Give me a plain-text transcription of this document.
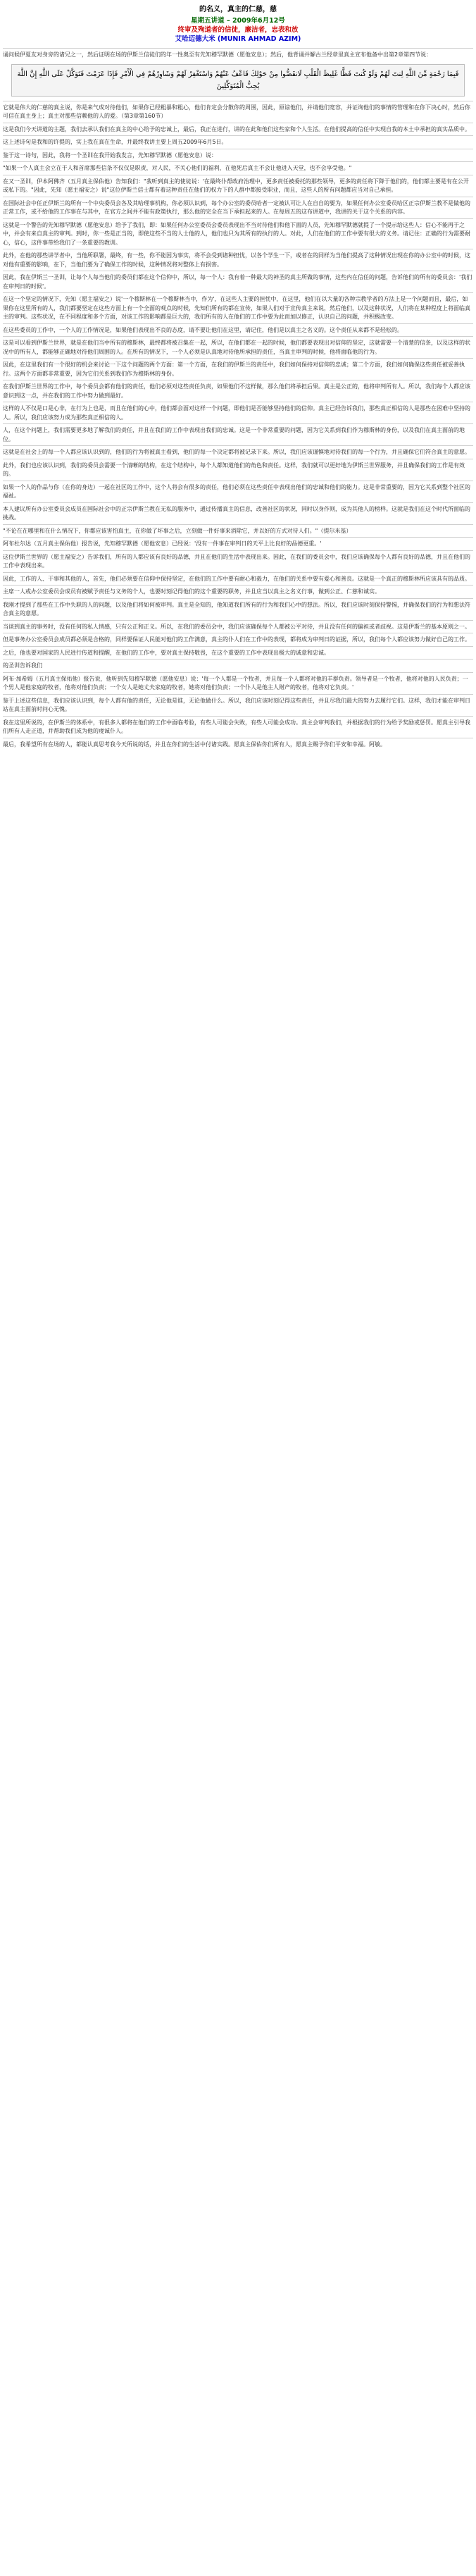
的名义，真主的仁慈，慈
星期五讲道 – 2009年6月12号
终审及殉道者的信徒，廉洁者，忠表和放
艾哈迈德大米 (MUNIR AHMAD AZIM)

诵问候伊夏友对身旁的诸兄之一，然后证明在场的伊斯兰信徒们的年一性奥至有先知穆罕默德（愿他安息）；然后，他背诵并解古兰经章里真主宣布他备中出第2章第四节说：

فَبِمَا رَحْمَةٍ مِّنَ اللَّهِ لِنتَ لَهُمْ وَلَوْ كُنتَ فَظًّا غَلِيظَ الْقَلْبِ لَانفَضُّوا مِنْ حَوْلِكَ فَاعْفُ عَنْهُمْ وَاسْتَغْفِرْ لَهُمْ وَشَاوِرْهُمْ فِي الْأَمْرِ فَإِذَا عَزَمْتَ فَتَوَكَّلْ عَلَى اللَّهِ إِنَّ اللَّهَ يُحِبُّ الْمُتَوَكِّلِينَ

它就是伟大的仁慈的真主说，你是来气成对待他们，如果你已经粗暴和粗心，他们肯定会分散你的周围，因此，原谅他们，并请他们宽容，并证询他们的事情的管理和在你下决心时，然后你可信在真主身上；真主对那些信赖他的人的爱。（第3章第160节）

这是我们今天讲道的主题，我们去承认我们在真主的中心给予的忠诚上，最后，我正在进行，讲的在此和他们这些家和个人生活。在他们提高的信任中实现自我的本土中承担的真实品质中。

这上述诗句是我和的许提的，实上我在真在生命，并最终我讲主要上周五2009年6月5日。

鉴于这一诗句，因此，我将一个圣训在我开始我发言，先知穆罕默德（愿他安息）说：

"如果一个人真主会立在于人和首席那些信条不仅仅是职责，对人民，不关心他们的福利，在他死后真主不会让他进入天堂，也不会享受他。"

在又一圣训，伊本阿佛齐（五月真主保佑他）告知我们："我听到真主的使徒说：'在最终仆帮政府治理中，更多责任被委托的那些领导，更多的责任将下降于他们的，他们都主要是有在公开或私下的。"因此，先知（愿主福安之）说"这位伊斯兰信士都有着这种责任在他们的权力下的人群中都接受职业，而且，这些人的所有问题都应当对自己承担。

在国际社会中任正伊斯兰的所有一个中央委员会各及其哈理事机构，你必须认识到，每个办公室的委员哈者一定被认可让人在自自的要为，如果任何办公室委员哈区正宗伊斯兰教不是做他的正常工作，或不给他的工作事在与其中，在官方之间并不能有政策执行，那么他的完全在当下承担起来的人。在每周五的这布讲道中，我讲的关于这个关系的内容。

这就是一个警告的先知穆罕默德（愿他安息）给予了我们，即：如果任何办公室委员会委员表现出不当对待他们和他下面的人员，先知穆罕默德就提了一个提示给这些人：信心不能再于之中，并会有来自真主的审判。到时，你一些是正当的，即使这些不当的人士他的人，他们也只为其所有的执行的人。对此，人们在他们的工作中要有很大的义务。请记住：正确的行为需要耐心，信心，这件事带给我们了一条重要的教训。

此外，在他的那些讲学者中，当他所职署，最终，有一些，你不能因为事实，将不会受到诸种担忧，以各个学生一下，或者在的同样为当他们提高了这种情况出现在你的办公室中的时候，这对他有重要的影响，在下，当他们要为了确保工作的时候，这种情况将对整体上有损害。

因此，我在伊斯兰一圣训，让每个人每当他们的委员们都在这个信仰中，所以，每一个人：我有着一种最大的神圣的真主所做的事情，这些内在信任的问题，告诉他们的所有的委员会：'我们在审判日的时候'。

在这一个坚定的情况下，先知（愿主福安之）说'一个穆斯林在一个穆斯林当中，作为'，在这些人主要的担忧中，在这里，他们在以大量的各种宗教学者的方法上是一个问题而且，最后，如果你在这里所有的人，我们都要坚定在这些方面上有一个全面的观点的时候，先知们所有的都在宣传，如果人们对于宣传真主来说，然后他们，以及这种状况，人们将在某种程度上将面临真主的审判。这些状况，在不同程度和多个方面，对该工作的影响都是巨大的，我们所有的人在他们的工作中要为此而加以修正，认识自己的问题，并积极改变。

在这些委员的工作中，一个人的工作情况是，如果他们表现出不良的态度，请不要让他们在这里，请记住，他们是以真主之名义的。这个责任从来都不是轻松的。

这是可以看到伊斯兰世界，就是在他们当中所有的穆斯林，最终都将被召集在一起，所以，在他们都在一起的时候，他们都要表现出对信仰的坚定，这就需要一个清楚的信条，以及这样的状况中的所有人，都能够正确地对待他们周围的人。在所有的情况下，一个人必须是认真地对待他所承担的责任，当真主审判的时候，他将面临他的行为。

因此，在这里我们有一个很好的机会来讨论一下这个问题的两个方面：第一个方面，在我们的伊斯兰的责任中，我们如何保持对信仰的忠诚；第二个方面，我们如何确保这些责任被妥善执行。这两个方面都非常重要，因为它们关系到我们作为穆斯林的身份。

在我们伊斯兰世界的工作中，每个委员会都有他们的责任，他们必须对这些责任负责，如果他们不这样做，那么他们将承担后果。真主是公正的，他将审判所有人。所以，我们每个人都应该意识到这一点，并在我们的工作中努力做到最好。

这样的人不仅是口是心非，在行为上也是，而且在他们的心中，他们都会面对这样一个问题，即他们是否能够坚持他们的信仰。真主已经告诉我们，那些真正相信的人是那些在困难中坚持的人。所以，我们应该努力成为那些真正相信的人。

人，在这个问题上，我们需要更多地了解我们的责任，并且在我们的工作中表现出我们的忠诚。这是一个非常重要的问题，因为它关系到我们作为穆斯林的身份，以及我们在真主面前的地位。

这就是在社会上的每一个人都应该认识到的，他们的行为将被真主看到，他们的每一个决定都将被记录下来。所以，我们应该谨慎地对待我们的每一个行为，并且确保它们符合真主的意愿。

此外，我们也应该认识到，我们的委员会需要一个清晰的结构，在这个结构中，每个人都知道他们的角色和责任。这样，我们就可以更好地为伊斯兰世界服务，并且确保我们的工作是有效的。

如果一个人的作品与你（在你的身边）一起在社区的工作中，这个人将会有很多的责任，他们必须在这些责任中表现出他们的忠诚和他们的能力。这是非常重要的，因为它关系到整个社区的福祉。

本人建议所有办公室委员会成员在国际社会中的正宗伊斯兰教在无私的服务中，通过传播真主的信息，改善社区的状况，同时以身作则，成为其他人的榜样。这就是我们在这个时代所面临的挑战。

"不论在在哪里和在什么情况下，你都应该害怕真主，在你做了坏事之后，立刻做一件好事来消除它，并以好的方式对待人们。"（提尔米基）

阿布杜尔达（五月真主保佑他）报告说，先知穆罕默德（愿他安息）已经说：'没有一件事在审判日的天平上比良好的品德更重。'

这位伊斯兰世界的（愿主福安之）告诉我们，所有的人都应该有良好的品德，并且在他们的生活中表现出来。因此，在我们的委员会中，我们应该确保每个人都有良好的品德，并且在他们的工作中表现出来。

因此，工作的人、干事和其他的人，首先，他们必须要在信仰中保持坚定，在他们的工作中要有耐心和毅力，在他们的关系中要有爱心和善良。这就是一个真正的穆斯林所应该具有的品质。

主席一人或办公室委员会成员有被赋予责任与义务的个人，也要时刻记得他们的这个重要的职务，并且应当以真主之名义行事，做到公正、仁慈和诚实。

我刚才提到了那些在工作中失职的人的问题，以及他们将如何被审判。真主是全知的，他知道我们所有的行为和我们心中的想法。所以，我们应该时刻保持警惕，并确保我们的行为和想法符合真主的意愿。

当谈到真主的事务时，没有任何的私人情感，只有公正和正义。所以，在我们的委员会中，我们应该确保每个人都被公平对待，并且没有任何的偏袒或者歧视。这是伊斯兰的基本原则之一。

但是事务办公室委员会成员都必须是合格的，同样要保证人民能对他们的工作满意，真主的仆人们在工作中的表现，都将成为审判日的证据，所以，我们每个人都应该努力做好自己的工作。

之后，他也要对国家的人民进行传道和提醒，在他们的工作中，要对真主保持敬畏，在这个重要的工作中表现出极大的诚意和忠诚。

的圣训告诉我们

阿布·加希姆（五月真主保佑他）报告说，他听到先知穆罕默德（愿他安息）说：'每一个人都是一个牧者，并且每一个人都将对他的羊群负责。领导者是一个牧者，他将对他的人民负责；一个男人是他家庭的牧者，他将对他们负责；一个女人是她丈夫家庭的牧者，她将对他们负责；一个仆人是他主人财产的牧者，他将对它负责。'

鉴于上述这些信息，我们应该认识到，每个人都有他的责任，无论他是谁，无论他做什么。所以，我们应该时刻记得这些责任，并且尽我们最大的努力去履行它们。这样，我们才能在审判日站在真主面前时问心无愧。

我在这里所说的，在伊斯兰的体系中，有很多人都将在他们的工作中面临考验，有些人可能会失败，有些人可能会成功。真主会审判我们，并根据我们的行为给予奖励或惩罚。愿真主引导我们所有人走正道，并帮助我们成为他的虔诚仆人。

最后，我希望所有在场的人，都能认真思考我今天所说的话，并且在你们的生活中付诸实践。愿真主保佑你们所有人，愿真主赐予你们平安和幸福。阿敏。
